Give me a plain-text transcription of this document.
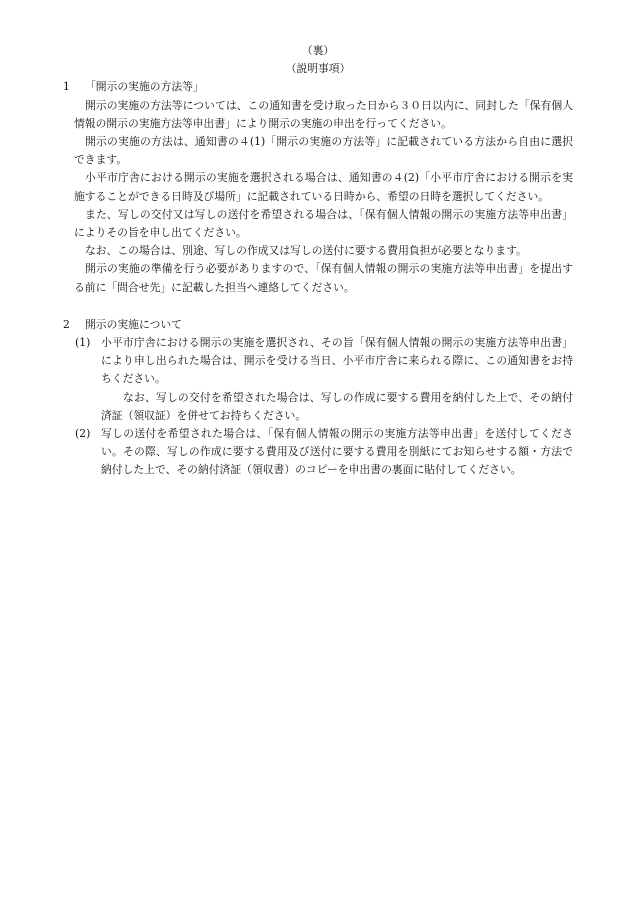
（裏）
（説明事項）
1	「開示の実施の方法等」

開示の実施の方法等については、この通知書を受け取った日から３０日以内に、同封した「保有個人情報の開示の実施方法等申出書」により開示の実施の申出を行ってください。

開示の実施の方法は、通知書の４(1)「開示の実施の方法等」に記載されている方法から自由に選択できます。

小平市庁舎における開示の実施を選択される場合は、通知書の４(2)「小平市庁舎における開示を実施することができる日時及び場所」に記載されている日時から、希望の日時を選択してください。

また、写しの交付又は写しの送付を希望される場合は、「保有個人情報の開示の実施方法等申出書」によりその旨を申し出てください。

なお、この場合は、別途、写しの作成又は写しの送付に要する費用負担が必要となります。

開示の実施の準備を行う必要がありますので、「保有個人情報の開示の実施方法等申出書」を提出する前に「問合せ先」に記載した担当へ連絡してください。

2	開示の実施について
(1) 小平市庁舎における開示の実施を選択され、その旨「保有個人情報の開示の実施方法等申出書」により申し出られた場合は、開示を受ける当日、小平市庁舎に来られる際に、この通知書をお持ちください。

なお、写しの交付を希望された場合は、写しの作成に要する費用を納付した上で、その納付済証（領収証）を併せてお持ちください。

(2) 写しの送付を希望された場合は、「保有個人情報の開示の実施方法等申出書」を送付してください。その際、写しの作成に要する費用及び送付に要する費用を別紙にてお知らせする額・方法で納付した上で、その納付済証（領収書）のコピーを申出書の裏面に貼付してください。
